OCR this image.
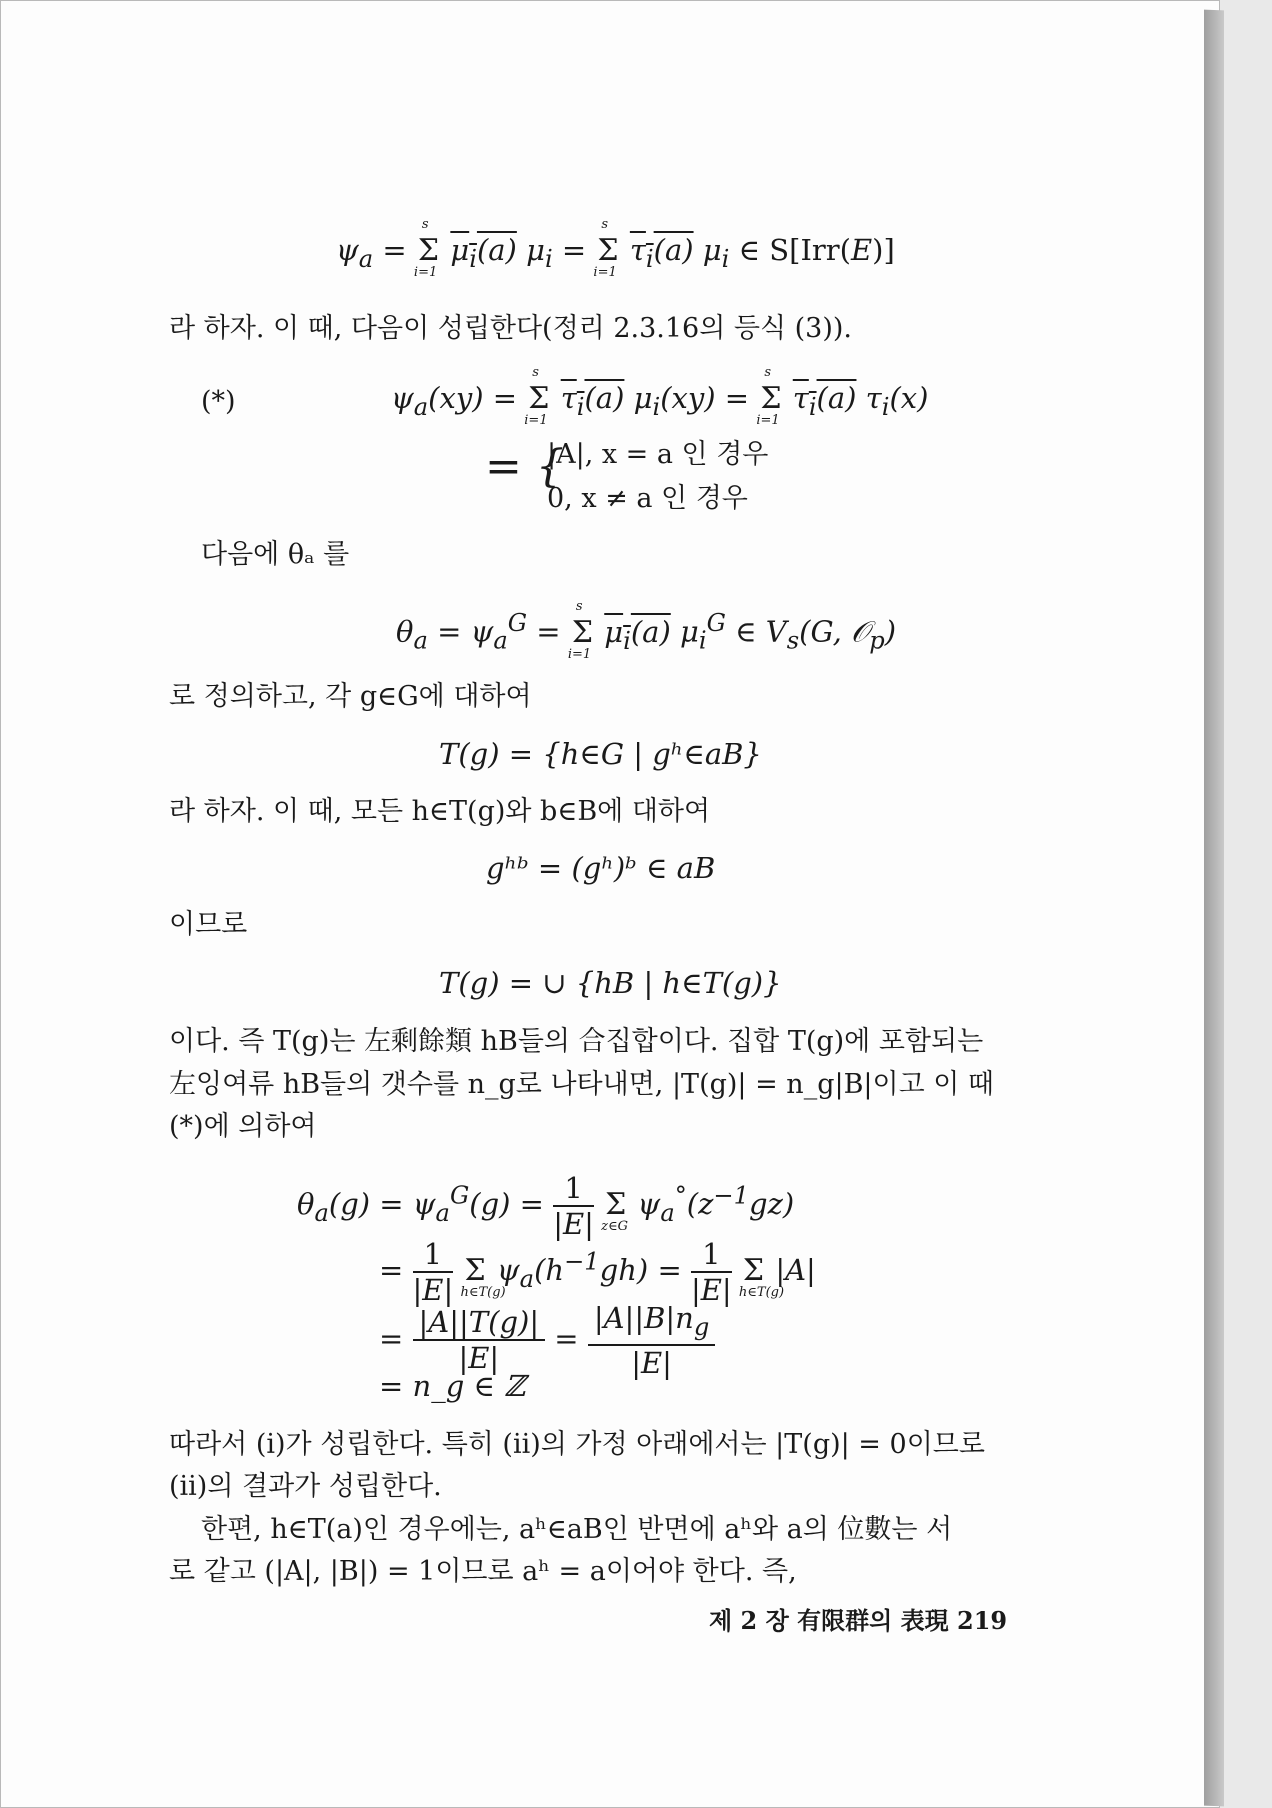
$\psi_a = \Sigma$
s
i=1
$\mu_i(a) \mu_i = \Sigma$
s
i=1
$\tau_i(a)$ $\mu_i$ ∈ S[Irr(E)]
라 하자. 이 때, 다음이 성립한다(정리 2.3.16의 등식 (3)).
(*)	$\psi_a(xy) = \Sigma$
s
i=1
$\tau_i(a) \mu_i(xy) = \Sigma$
s
i=1
$\tau_i(a)$ $\tau_i(x)$
= {
|A|, x = a 인 경우
0, x ≠ a 인 경우
다음에 θₐ 를
$\theta_a = \psi_a^G = \Sigma$
s
i=1
$\mu_i(a)$ $\mu_i^G$ ∈ $V_s(G$, 𝒪$_p$)
로 정의하고, 각 g∈G에 대하여
T(g) = {h∈G | gʰ∈aB}
라 하자. 이 때, 모든 h∈T(g)와 b∈B에 대하여
gʰᵇ = (gʰ)ᵇ ∈ aB
이므로
T(g) = ∪ {hB | h∈T(g)}
이다. 즉 T(g)는 左剩餘類 hB들의 合집합이다. 집합 T(g)에 포함되는
左잉여류 hB들의 갯수를 n_g로 나타내면, |T(g)| = n_g|B|이고 이 때
(*)에 의하여
$\theta_a(g) = \psi_a^G(g) = \frac{1}{|E|}$ Σ
z∈G
$\psi_a^\circ(z^{-1}gz)$
= $\frac{1}{|E|}$ Σ
h∈T(g)
$\psi_a(h^{-1}gh) = \frac{1}{|E|}$ Σ
h∈T(g)
|A|
= $\frac{|A||T(g)|}{|E|} = \frac{|A||B|n_g}{|E|}$
= n_g ∈ ℤ
따라서 (i)가 성립한다. 특히 (ii)의 가정 아래에서는 |T(g)| = 0이므로
(ii)의 결과가 성립한다.
한편, h∈T(a)인 경우에는, aʰ∈aB인 반면에 aʰ와 a의 位數는 서
로 같고 (|A|, |B|) = 1이므로 aʰ = a이어야 한다. 즉,
제 2 장 有限群의 表現 219
